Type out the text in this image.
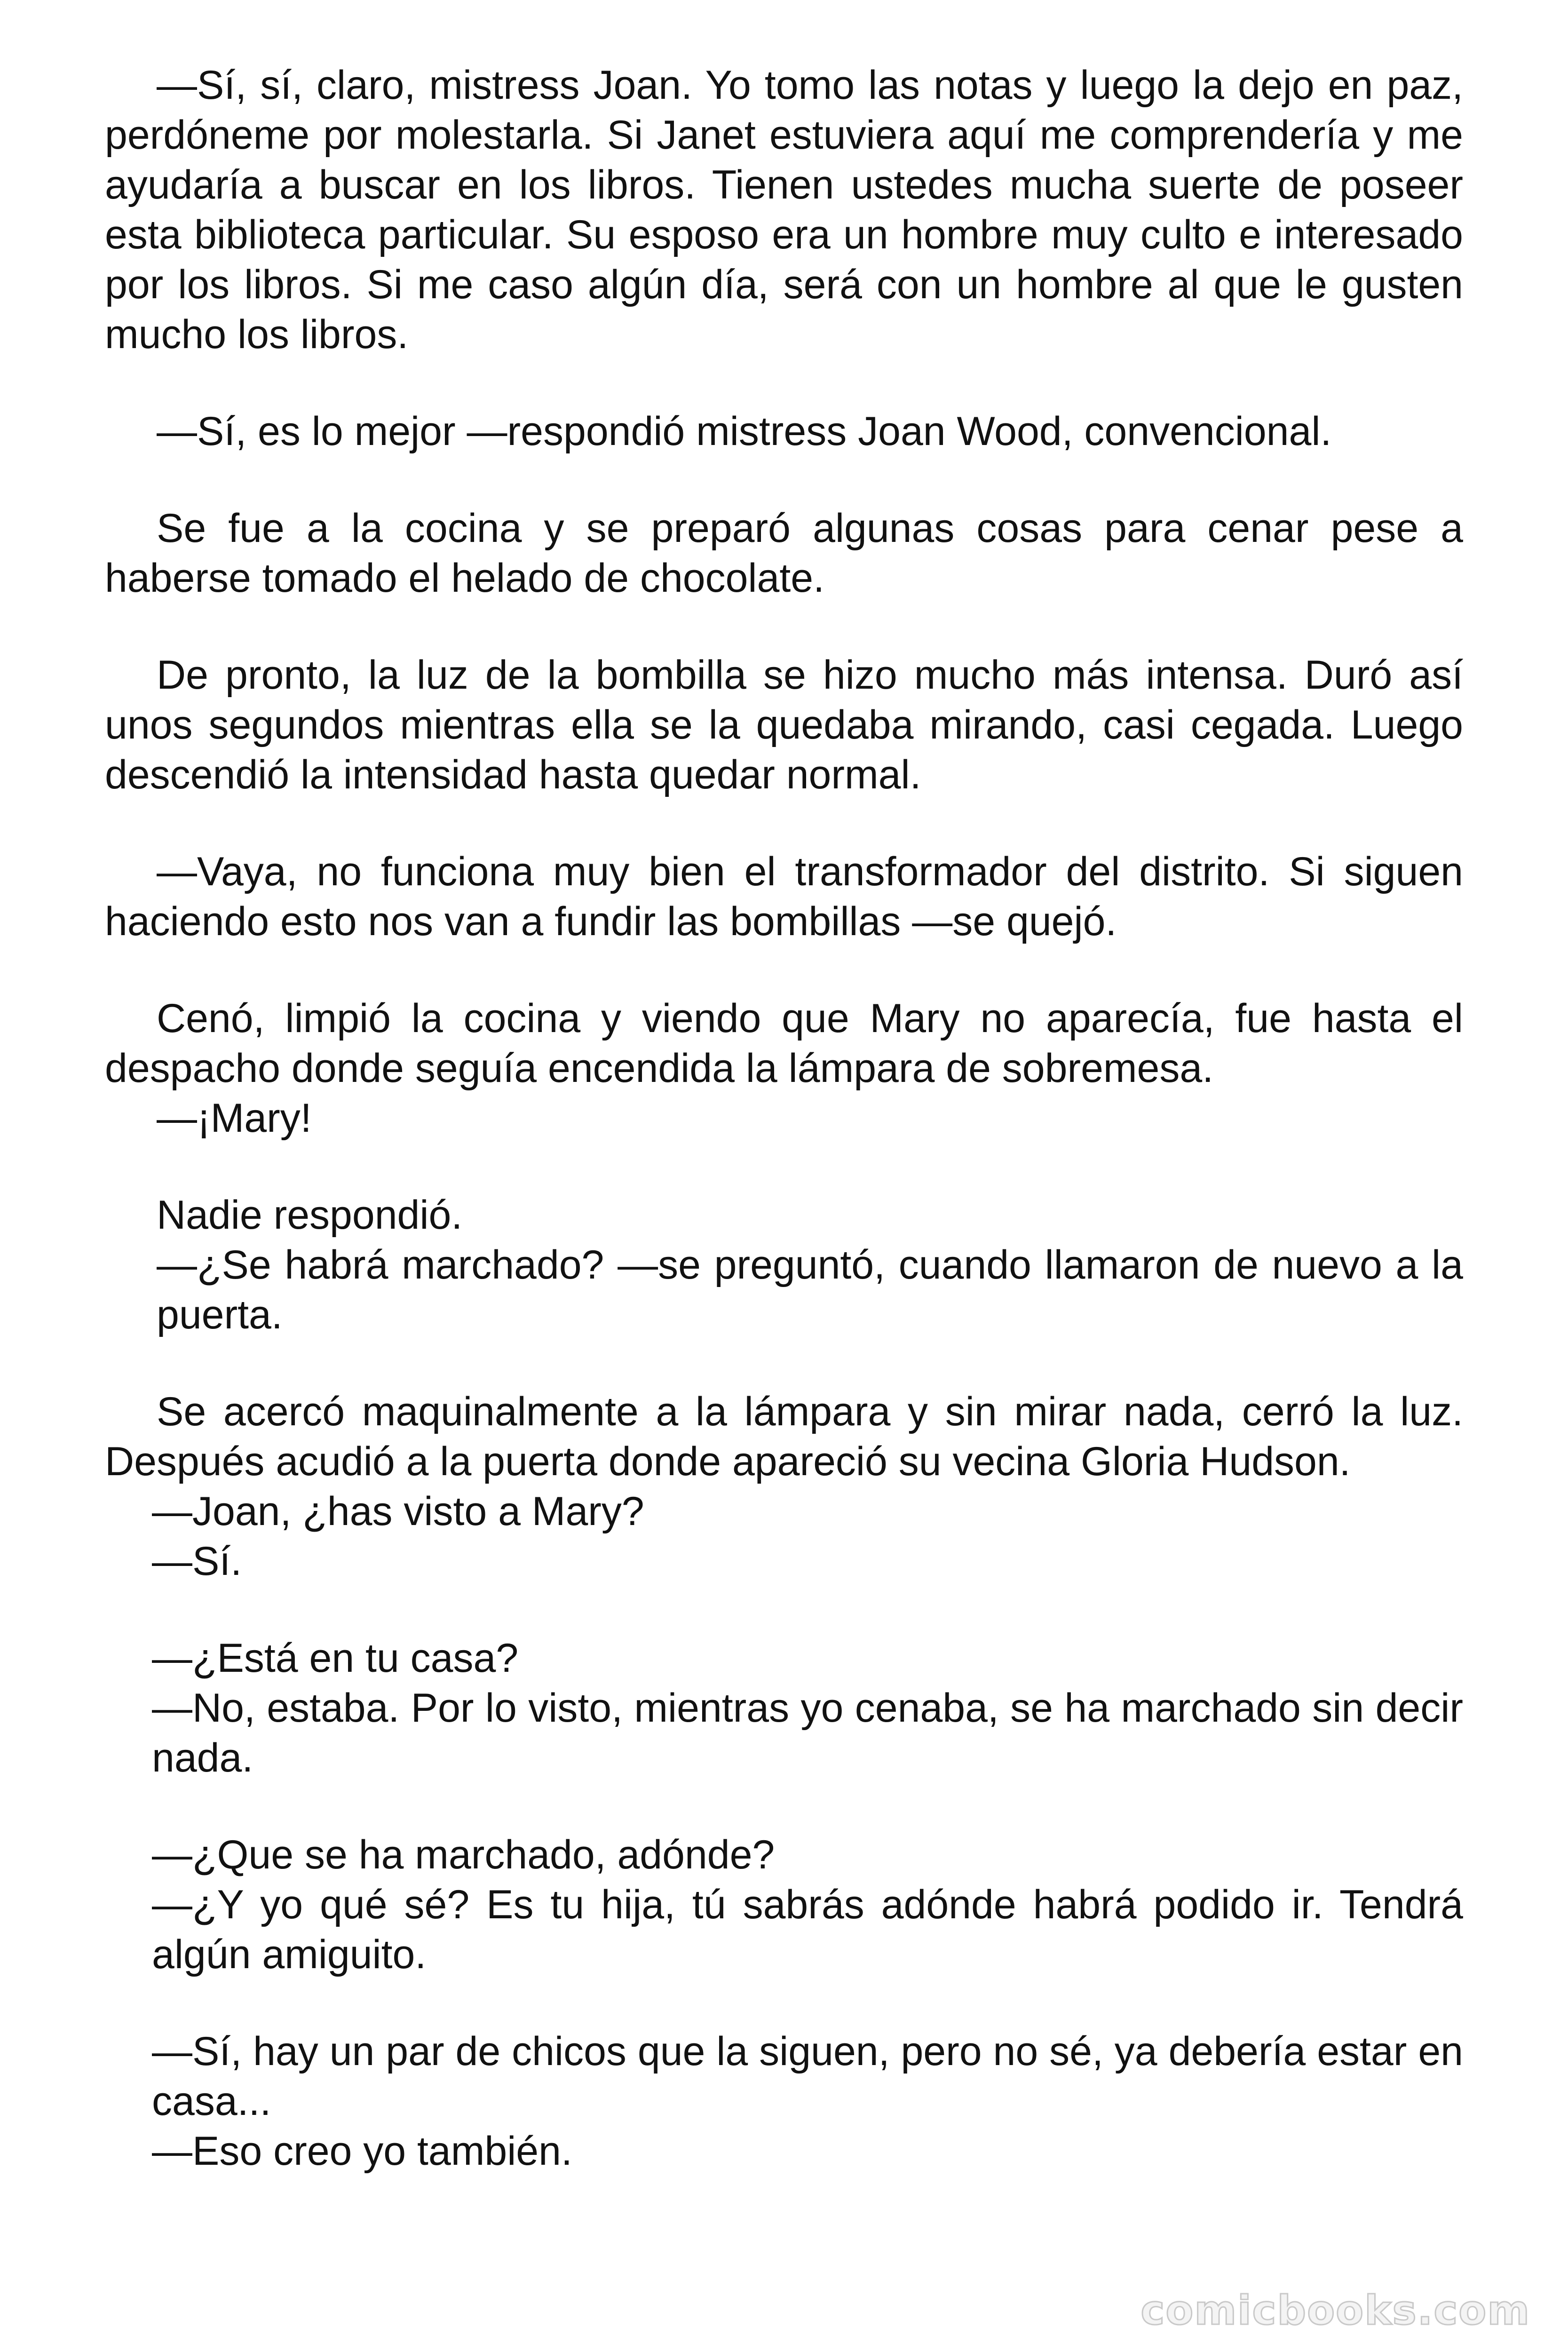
—Sí, sí, claro, mistress Joan. Yo tomo las notas y luego la dejo en paz, perdóneme por molestarla. Si Janet estuviera aquí me comprendería y me ayudaría a buscar en los libros. Tienen ustedes mucha suerte de poseer esta biblioteca particular. Su esposo era un hombre muy culto e interesado por los libros. Si me caso algún día, será con un hombre al que le gusten mucho los libros.

—Sí, es lo mejor —respondió mistress Joan Wood, convencional.

Se fue a la cocina y se preparó algunas cosas para cenar pese a haberse tomado el helado de chocolate.

De pronto, la luz de la bombilla se hizo mucho más intensa. Duró así unos segundos mientras ella se la quedaba mirando, casi cegada. Luego descendió la intensidad hasta quedar normal.

—Vaya, no funciona muy bien el transformador del distrito. Si siguen haciendo esto nos van a fundir las bombillas —se quejó.

Cenó, limpió la cocina y viendo que Mary no aparecía, fue hasta el despacho donde seguía encendida la lámpara de sobremesa.

—¡Mary!

Nadie respondió.

—¿Se habrá marchado? —se preguntó, cuando llamaron de nuevo a la puerta.

Se acercó maquinalmente a la lámpara y sin mirar nada, cerró la luz. Después acudió a la puerta donde apareció su vecina Gloria Hudson.

—Joan, ¿has visto a Mary?

—Sí.

—¿Está en tu casa?

—No, estaba. Por lo visto, mientras yo cenaba, se ha marchado sin decir nada.

—¿Que se ha marchado, adónde?

—¿Y yo qué sé? Es tu hija, tú sabrás adónde habrá podido ir. Tendrá algún amiguito.

—Sí, hay un par de chicos que la siguen, pero no sé, ya debería estar en casa...

—Eso creo yo también.

comicbooks.com
